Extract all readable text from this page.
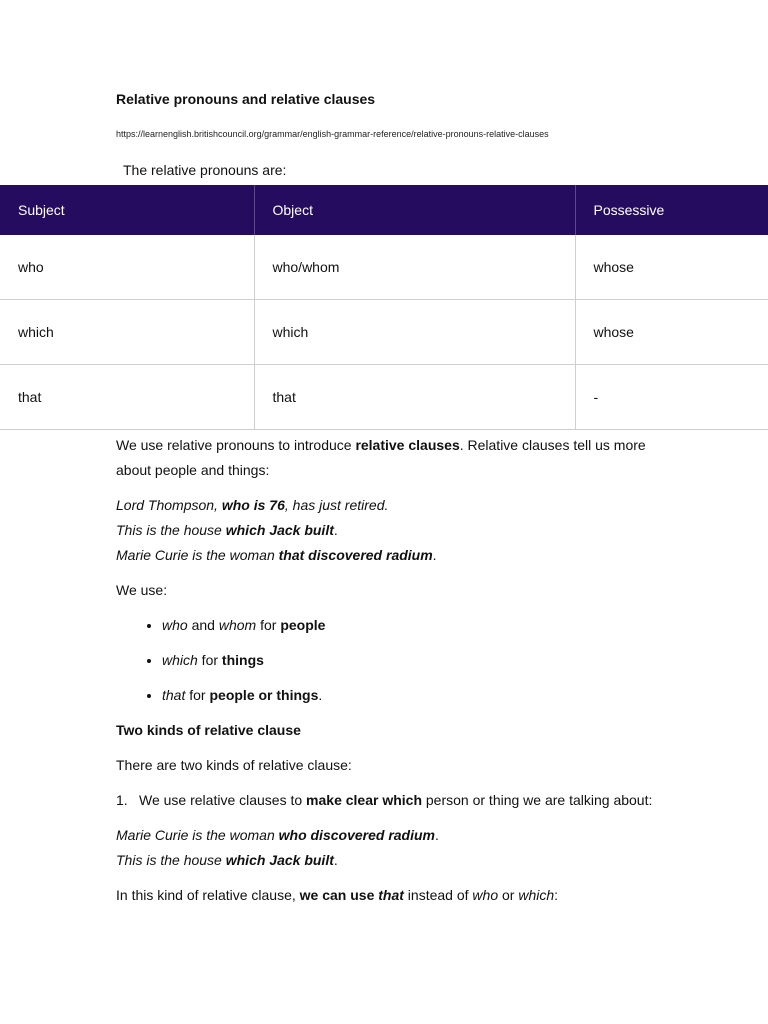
Relative pronouns and relative clauses
https://learnenglish.britishcouncil.org/grammar/english-grammar-reference/relative-pronouns-relative-clauses
The relative pronouns are:
Subject	Object	Possessive
who	who/whom	whose
which	which	whose
that	that	-

We use relative pronouns to introduce relative clauses. Relative clauses tell us more about people and things:

Lord Thompson, who is 76, has just retired.

This is the house which Jack built.

Marie Curie is the woman that discovered radium.

We use:

• who and whom for people
• which for things
• that for people or things.

Two kinds of relative clause

There are two kinds of relative clause:

1. We use relative clauses to make clear which person or thing we are talking about:

Marie Curie is the woman who discovered radium.

This is the house which Jack built.

In this kind of relative clause, we can use that instead of who or which:
